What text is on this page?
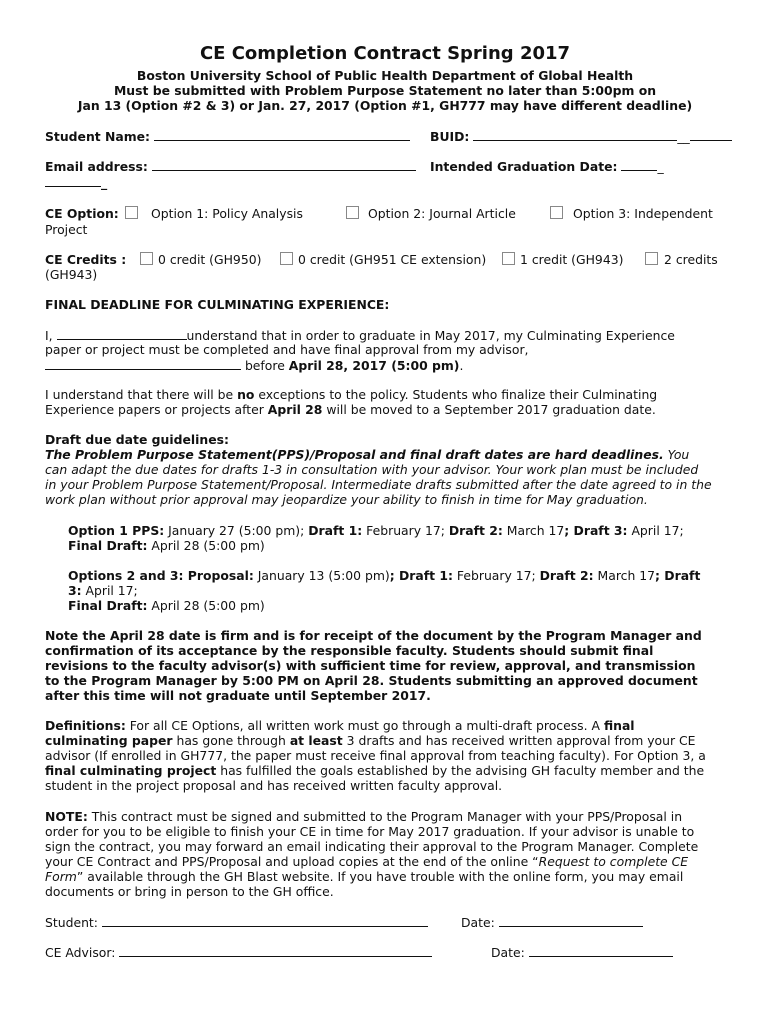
CE Completion Contract Spring 2017
Boston University School of Public Health Department of Global Health
Must be submitted with Problem Purpose Statement no later than 5:00pm on
Jan 13 (Option #2 & 3) or Jan. 27, 2017 (Option #1, GH777 may have different deadline)
Student Name:	BUID:	__
Email address:	Intended Graduation Date:	_
_
CE Option:	Option 1: Policy Analysis	Option 2: Journal Article	Option 3: Independent
Project
CE Credits :	0 credit (GH950)	0 credit (GH951 CE extension)	1 credit (GH943)	2 credits
(GH943)
FINAL DEADLINE FOR CULMINATING EXPERIENCE:
I,	understand that in order to graduate in May 2017, my Culminating Experience
paper or project must be completed and have final approval from my advisor,
before April 28, 2017 (5:00 pm).
I understand that there will be no exceptions to the policy. Students who finalize their Culminating
Experience papers or projects after April 28 will be moved to a September 2017 graduation date.
Draft due date guidelines:
The Problem Purpose Statement(PPS)/Proposal and final draft dates are hard deadlines. You
can adapt the due dates for drafts 1-3 in consultation with your advisor. Your work plan must be included
in your Problem Purpose Statement/Proposal. Intermediate drafts submitted after the date agreed to in the
work plan without prior approval may jeopardize your ability to finish in time for May graduation.
Option 1 PPS: January 27 (5:00 pm); Draft 1: February 17; Draft 2: March 17; Draft 3: April 17;
Final Draft: April 28 (5:00 pm)
Options 2 and 3: Proposal: January 13 (5:00 pm); Draft 1: February 17; Draft 2: March 17; Draft
3: April 17;
Final Draft: April 28 (5:00 pm)
Note the April 28 date is firm and is for receipt of the document by the Program Manager and
confirmation of its acceptance by the responsible faculty. Students should submit final
revisions to the faculty advisor(s) with sufficient time for review, approval, and transmission
to the Program Manager by 5:00 PM on April 28. Students submitting an approved document
after this time will not graduate until September 2017.
Definitions: For all CE Options, all written work must go through a multi-draft process. A final
culminating paper has gone through at least 3 drafts and has received written approval from your CE
advisor (If enrolled in GH777, the paper must receive final approval from teaching faculty). For Option 3, a
final culminating project has fulfilled the goals established by the advising GH faculty member and the
student in the project proposal and has received written faculty approval.
NOTE: This contract must be signed and submitted to the Program Manager with your PPS/Proposal in
order for you to be eligible to finish your CE in time for May 2017 graduation. If your advisor is unable to
sign the contract, you may forward an email indicating their approval to the Program Manager. Complete
your CE Contract and PPS/Proposal and upload copies at the end of the online “Request to complete CE
Form” available through the GH Blast website. If you have trouble with the online form, you may email
documents or bring in person to the GH office.
Student:	Date:
CE Advisor:	Date:
